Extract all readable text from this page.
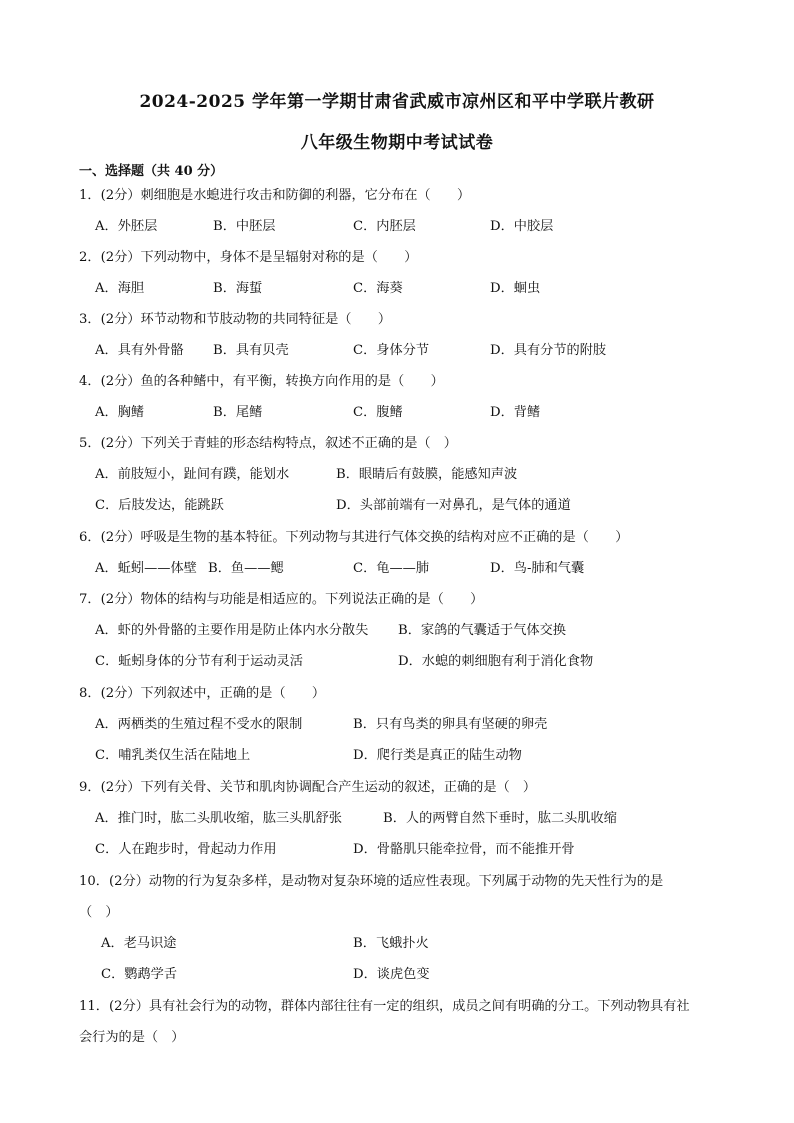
2024-2025 学年第一学期甘肃省武威市凉州区和平中学联片教研
八年级生物期中考试试卷
一、选择题（共 40 分）
1．(2分）刺细胞是水螅进行攻击和防御的利器，它分布在（　　）
A．外胚层	B．中胚层	C．内胚层	D．中胶层
2．(2分）下列动物中，身体不是呈辐射对称的是（　　）
A．海胆	B．海蜇	C．海葵	D．蛔虫
3．(2分）环节动物和节肢动物的共同特征是（　　）
A．具有外骨骼 B．具有贝壳	C．身体分节	D．具有分节的附肢
4．(2分）鱼的各种鳍中，有平衡，转换方向作用的是（　　）
A．胸鳍	B．尾鳍	C．腹鳍	D．背鳍
5．(2分）下列关于青蛙的形态结构特点，叙述不正确的是（　）
A．前肢短小，趾间有蹼，能划水	B．眼睛后有鼓膜，能感知声波
C．后肢发达，能跳跃	D．头部前端有一对鼻孔，是气体的通道
6．(2分）呼吸是生物的基本特征。下列动物与其进行气体交换的结构对应不正确的是（　　）
A．蚯蚓——体壁 B．鱼——鳃	C．龟——肺	D．鸟-肺和气囊
7．(2分）物体的结构与功能是相适应的。下列说法正确的是（　　）
A．虾的外骨骼的主要作用是防止体内水分散失 B．家鸽的气囊适于气体交换
C．蚯蚓身体的分节有利于运动灵活	D．水螅的刺细胞有利于消化食物
8．(2分）下列叙述中，正确的是（　　）
A．两栖类的生殖过程不受水的限制	B．只有鸟类的卵具有坚硬的卵壳
C．哺乳类仅生活在陆地上	D．爬行类是真正的陆生动物
9．(2分）下列有关骨、关节和肌肉协调配合产生运动的叙述，正确的是（　）
A．推门时，肱二头肌收缩，肱三头肌舒张	B．人的两臂自然下垂时，肱二头肌收缩
C．人在跑步时，骨起动力作用	D．骨骼肌只能牵拉骨，而不能推开骨
10．(2分）动物的行为复杂多样，是动物对复杂环境的适应性表现。下列属于动物的先天性行为的是
（　）
A．老马识途	B．飞蛾扑火
C．鹦鹉学舌	D．谈虎色变
11．(2分）具有社会行为的动物，群体内部往往有一定的组织，成员之间有明确的分工。下列动物具有社
会行为的是（　）
